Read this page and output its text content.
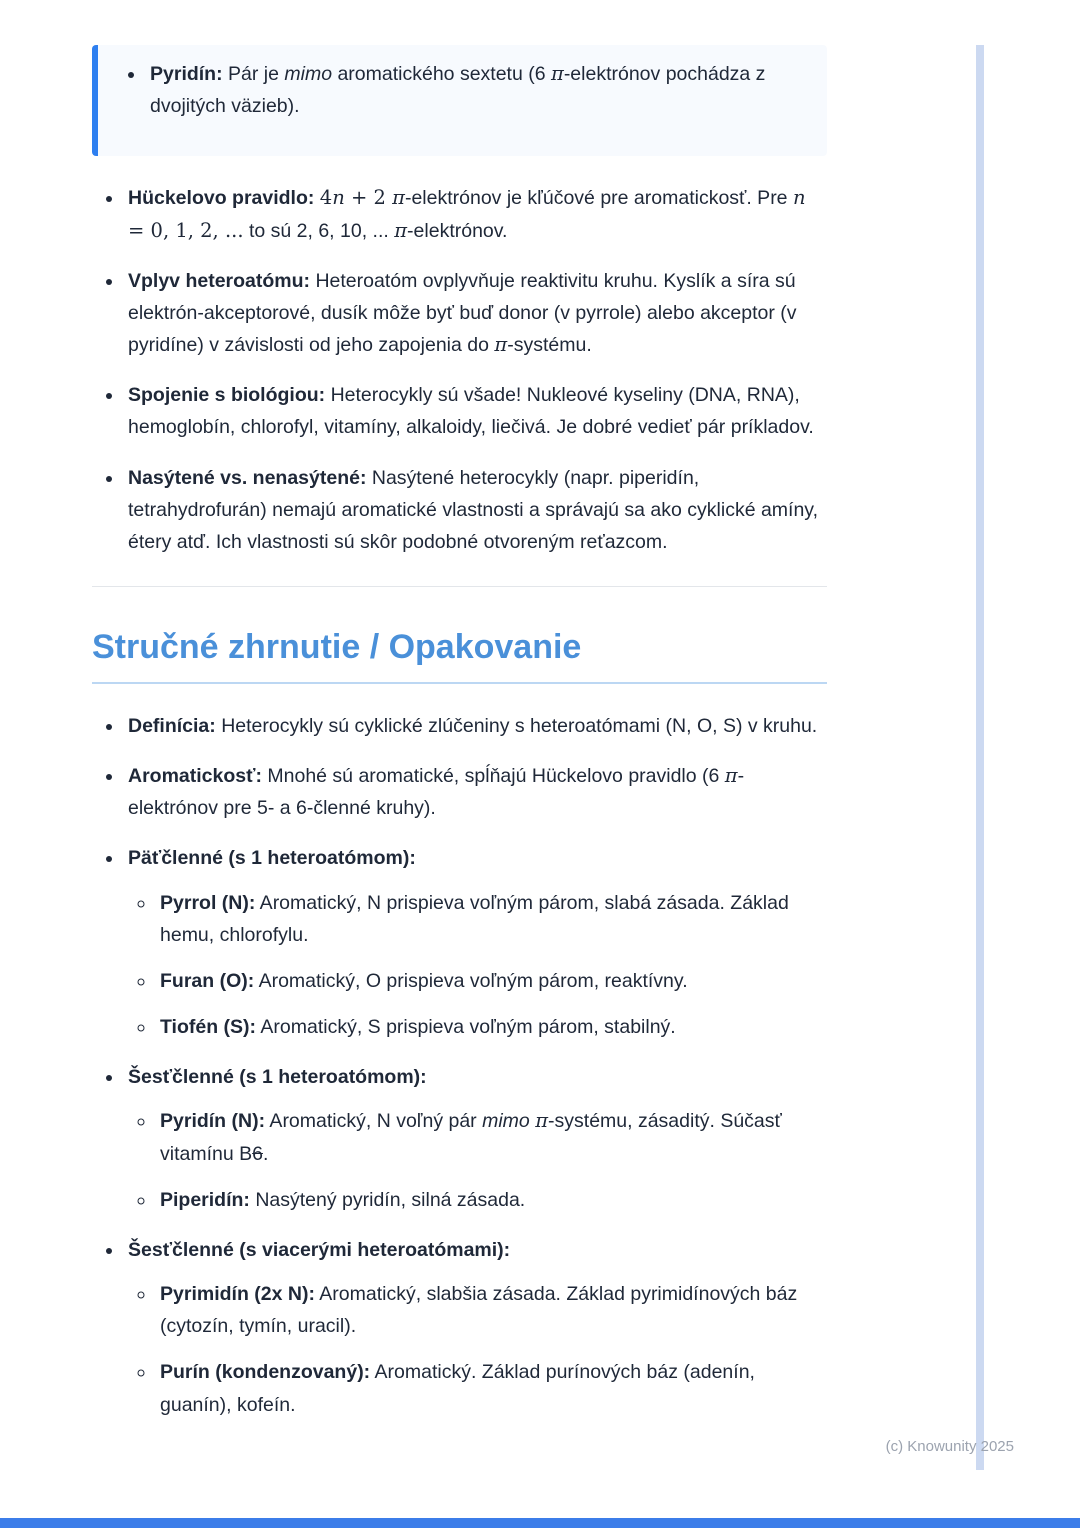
• Pyridín: Pár je mimo aromatického sextetu (6 π-elektrónov pochádza z dvojitých väzieb).
• Hückelovo pravidlo: 4n + 2 π-elektrónov je kľúčové pre aromatickosť. Pre n = 0, 1, 2, ... to sú 2, 6, 10, ... π-elektrónov.
• Vplyv heteroatómu: Heteroatóm ovplyvňuje reaktivitu kruhu. Kyslík a síra sú elektrón-akceptorové, dusík môže byť buď donor (v pyrrole) alebo akceptor (v pyridíne) v závislosti od jeho zapojenia do π-systému.
• Spojenie s biológiou: Heterocykly sú všade! Nukleové kyseliny (DNA, RNA), hemoglobín, chlorofyl, vitamíny, alkaloidy, liečivá. Je dobré vedieť pár príkladov.
• Nasýtené vs. nenasýtené: Nasýtené heterocykly (napr. piperidín, tetrahydrofurán) nemajú aromatické vlastnosti a správajú sa ako cyklické amíny, étery atď. Ich vlastnosti sú skôr podobné otvoreným reťazcom.
Stručné zhrnutie / Opakovanie
• Definícia: Heterocykly sú cyklické zlúčeniny s heteroatómami (N, O, S) v kruhu.
• Aromatickosť: Mnohé sú aromatické, spĺňajú Hückelovo pravidlo (6 π-elektrónov pre 5- a 6-členné kruhy).
• Päťčlenné (s 1 heteroatómom):
◦ Pyrrol (N): Aromatický, N prispieva voľným párom, slabá zásada. Základ hemu, chlorofylu.
◦ Furan (O): Aromatický, O prispieva voľným párom, reaktívny.
◦ Tiofén (S): Aromatický, S prispieva voľným párom, stabilný.
• Šesťčlenné (s 1 heteroatómom):
◦ Pyridín (N): Aromatický, N voľný pár mimo π-systému, zásaditý. Súčasť vitamínu B6.
◦ Piperidín: Nasýtený pyridín, silná zásada.
• Šesťčlenné (s viacerými heteroatómami):
◦ Pyrimidín (2x N): Aromatický, slabšia zásada. Základ pyrimidínových báz (cytozín, tymín, uracil).
◦ Purín (kondenzovaný): Aromatický. Základ purínových báz (adenín, guanín), kofeín.
(c) Knowunity 2025
